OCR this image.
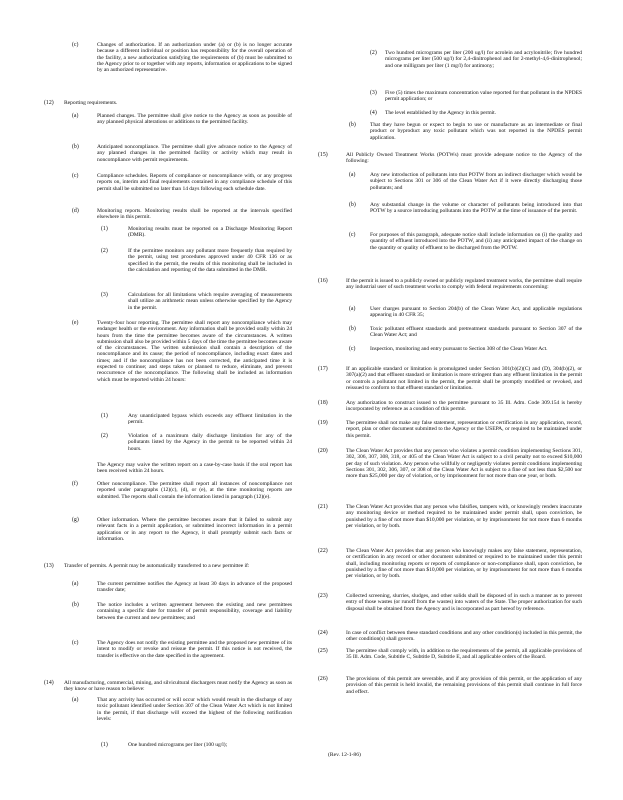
(c)	Changes of authorization. If an authorization under (a) or (b) is no longer accurate because a different individual or position has responsibility for the overall operation of the facility, a new authorization satisfying the requirements of (b) must be submitted to the Agency prior to or together with any reports, information or applications to be signed by an authorized representative.
(12) Reporting requirements.
(a)	Planned changes. The permittee shall give notice to the Agency as soon as possible of any planned physical alterations or additions to the permitted facility.
(b)	Anticipated noncompliance. The permittee shall give advance notice to the Agency of any planned changes in the permitted facility or activity which may result in noncompliance with permit requirements.
(c)	Compliance schedules. Reports of compliance or noncompliance with, or any progress reports on, interim and final requirements contained in any compliance schedule of this permit shall be submitted no later than 14 days following each schedule date.
(d)	Monitoring reports. Monitoring results shall be reported at the intervals specified elsewhere in this permit.
(1)	Monitoring results must be reported on a Discharge Monitoring Report (DMR).
(2)	If the permittee monitors any pollutant more frequently than required by the permit, using test procedures approved under 40 CFR 136 or as specified in the permit, the results of this monitoring shall be included in the calculation and reporting of the data submitted in the DMR.
(3)	Calculations for all limitations which require averaging of measurements shall utilize an arithmetic mean unless otherwise specified by the Agency in the permit.
(e)	Twenty-four hour reporting. The permittee shall report any noncompliance which may endanger health or the environment. Any information shall be provided orally within 24 hours from the time the permittee becomes aware of the circumstances. A written submission shall also be provided within 5 days of the time the permittee becomes aware of the circumstances. The written submission shall contain a description of the noncompliance and its cause; the period of noncompliance, including exact dates and times; and if the noncompliance has not been corrected, the anticipated time it is expected to continue; and steps taken or planned to reduce, eliminate, and prevent reoccurrence of the noncompliance. The following shall be included as information which must be reported within 24 hours:
(1)	Any unanticipated bypass which exceeds any effluent limitation in the permit.
(2)	Violation of a maximum daily discharge limitation for any of the pollutants listed by the Agency in the permit to be reported within 24 hours.
The Agency may waive the written report on a case-by-case basis if the oral report has been received within 24 hours.
(f)	Other noncompliance. The permittee shall report all instances of noncompliance not reported under paragraphs (12)(c), (d), or (e), at the time monitoring reports are submitted. The reports shall contain the information listed in paragraph (12)(e).
(g)	Other information. Where the permittee becomes aware that it failed to submit any relevant facts in a permit application, or submitted incorrect information in a permit application or in any report to the Agency, it shall promptly submit such facts or information.
(13) Transfer of permits. A permit may be automatically transferred to a new permittee if:
(a)	The current permittee notifies the Agency at least 30 days in advance of the proposed transfer date;
(b)	The notice includes a written agreement between the existing and new permittees containing a specific date for transfer of permit responsibility, coverage and liability between the current and new permittees; and
(c)	The Agency does not notify the existing permittee and the proposed new permittee of its intent to modify or revoke and reissue the permit. If this notice is not received, the transfer is effective on the date specified in the agreement.
(14) All manufacturing, commercial, mining, and silvicultural dischargers must notify the Agency as soon as they know or have reason to believe:
(a)	That any activity has occurred or will occur which would result in the discharge of any toxic pollutant identified under Section 307 of the Clean Water Act which is not limited in the permit, if that discharge will exceed the highest of the following notification levels:
(1)	One hundred micrograms per liter (100 ug/l);
(2) Two hundred micrograms per liter (200 ug/l) for acrolein and acrylonitrile; five hundred micrograms per liter (500 ug/l) for 2,4-dinitrophenol and for 2-methyl-4,6-dinitrophenol; and one milligram per liter (1 mg/l) for antimony;
(3) Five (5) times the maximum concentration value reported for that pollutant in the NPDES permit application; or
(4) The level established by the Agency in this permit.
(b)	That they have begun or expect to begin to use or manufacture as an intermediate or final product or byproduct any toxic pollutant which was not reported in the NPDES permit application.
(15)	All Publicly Owned Treatment Works (POTWs) must provide adequate notice to the Agency of the following:
(a)	Any new introduction of pollutants into that POTW from an indirect discharger which would be subject to Sections 301 or 306 of the Clean Water Act if it were directly discharging those pollutants; and
(b)	Any substantial change in the volume or character of pollutants being introduced into that POTW by a source introducing pollutants into the POTW at the time of issuance of the permit.
(c)	For purposes of this paragraph, adequate notice shall include information on (i) the quality and quantity of effluent introduced into the POTW, and (ii) any anticipated impact of the change on the quantity or quality of effluent to be discharged from the POTW.
(16)	If the permit is issued to a publicly owned or publicly regulated treatment works, the permittee shall require any industrial user of such treatment works to comply with federal requirements concerning:
(a)	User charges pursuant to Section 204(b) of the Clean Water Act, and applicable regulations appearing in 40 CFR 35;
(b)	Toxic pollutant effluent standards and pretreatment standards pursuant to Section 307 of the Clean Water Act; and
(c)	Inspection, monitoring and entry pursuant to Section 308 of the Clean Water Act.
(17)	If an applicable standard or limitation is promulgated under Section 301(b)(2)(C) and (D), 304(b)(2), or 307(a)(2) and that effluent standard or limitation is more stringent than any effluent limitation in the permit or controls a pollutant not limited in the permit, the permit shall be promptly modified or revoked, and reissued to conform to that effluent standard or limitation.
(18)	Any authorization to construct issued to the permittee pursuant to 35 Ill. Adm. Code 309.154 is hereby incorporated by reference as a condition of this permit.
(19)	The permittee shall not make any false statement, representation or certification in any application, record, report, plan or other document submitted to the Agency or the USEPA, or required to be maintained under this permit.
(20)	The Clean Water Act provides that any person who violates a permit condition implementing Sections 301, 302, 306, 307, 308, 318, or 405 of the Clean Water Act is subject to a civil penalty not to exceed $10,000 per day of such violation. Any person who willfully or negligently violates permit conditions implementing Sections 301, 302, 306, 307, or 308 of the Clean Water Act is subject to a fine of not less than $2,500 nor more than $25,000 per day of violation, or by imprisonment for not more than one year, or both.
(21)	The Clean Water Act provides that any person who falsifies, tampers with, or knowingly renders inaccurate any monitoring device or method required to be maintained under permit shall, upon conviction, be punished by a fine of not more than $10,000 per violation, or by imprisonment for not more than 6 months per violation, or by both.
(22)	The Clean Water Act provides that any person who knowingly makes any false statement, representation, or certification in any record or other document submitted or required to be maintained under this permit shall, including monitoring reports or reports of compliance or non-compliance shall, upon conviction, be punished by a fine of not more than $10,000 per violation, or by imprisonment for not more than 6 months per violation, or by both.
(23)	Collected screening, slurries, sludges, and other solids shall be disposed of in such a manner as to prevent entry of those wastes (or runoff from the wastes) into waters of the State. The proper authorization for such disposal shall be obtained from the Agency and is incorporated as part hereof by reference.
(24)	In case of conflict between these standard conditions and any other condition(s) included in this permit, the other condition(s) shall govern.
(25)	The permittee shall comply with, in addition to the requirements of the permit, all applicable provisions of 35 Ill. Adm. Code, Subtitle C, Subtitle D, Subtitle E, and all applicable orders of the Board.
(26)	The provisions of this permit are severable, and if any provision of this permit, or the application of any provision of this permit is held invalid, the remaining provisions of this permit shall continue in full force and effect.
(Rev. 12-1-86)
